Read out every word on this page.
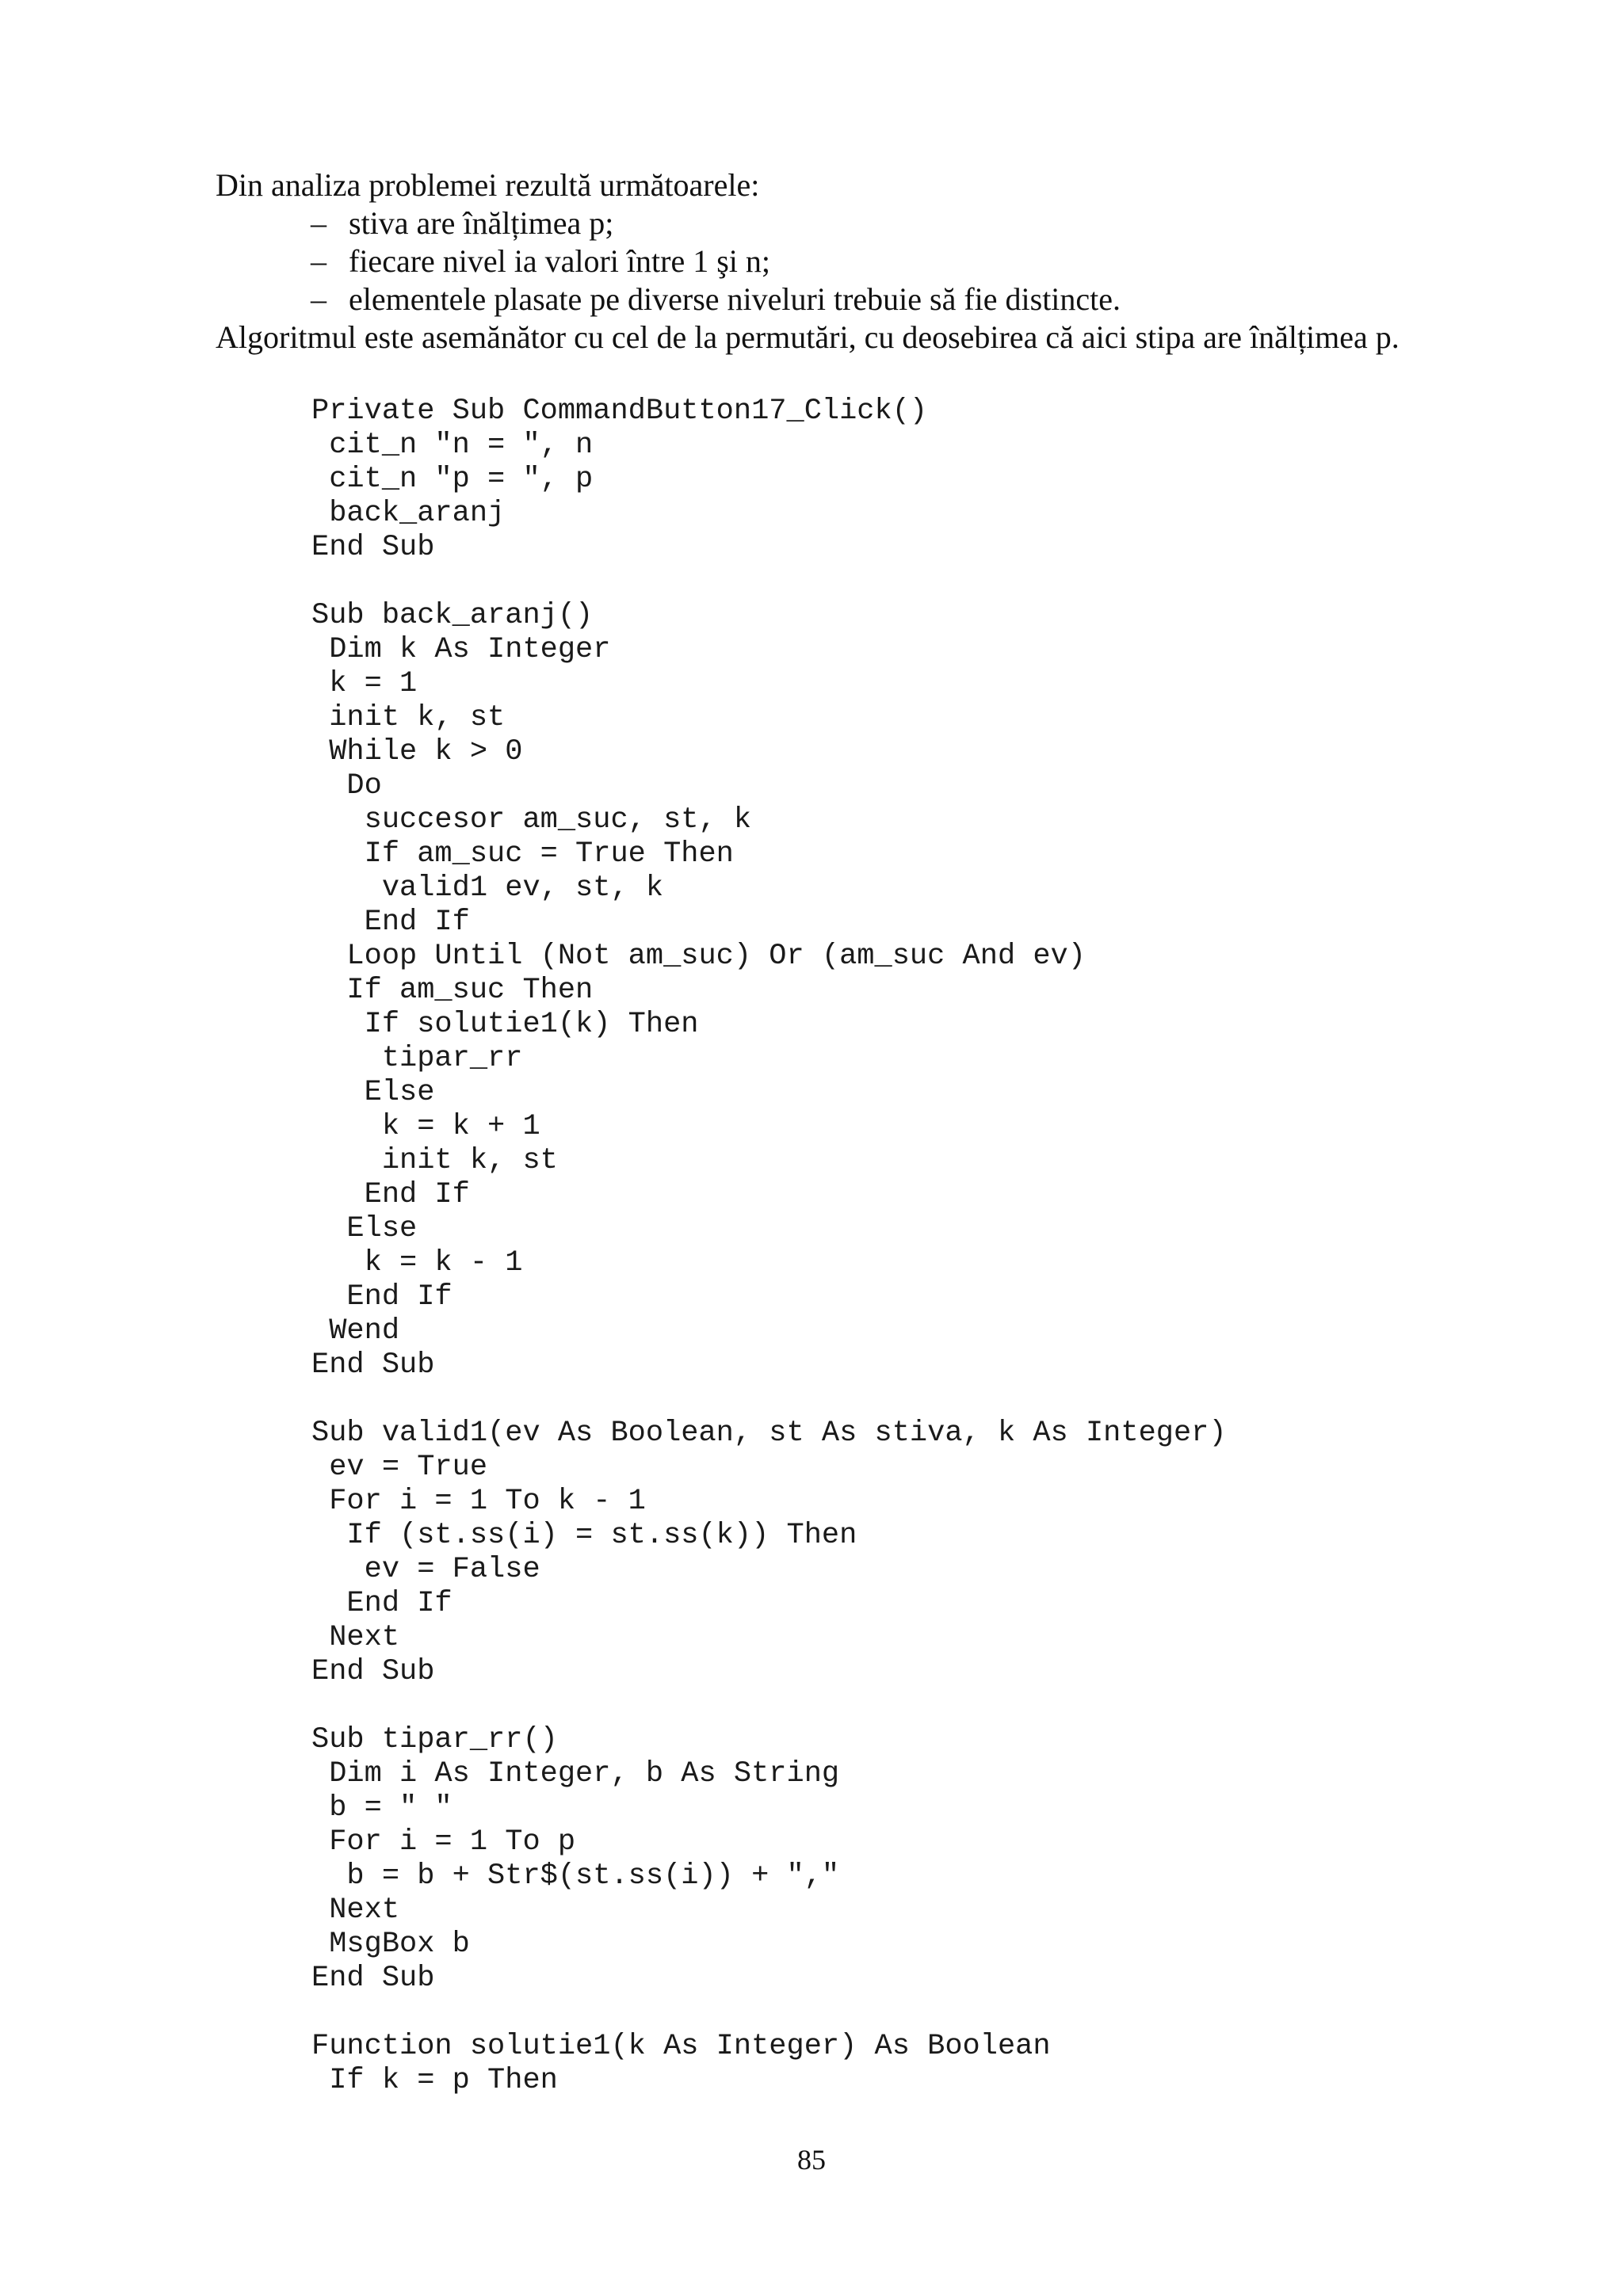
Din analiza problemei rezultă următoarele:

– stiva are înălțimea p;
– fiecare nivel ia valori între 1 şi n;
– elementele plasate pe diverse niveluri trebuie să fie distincte.

Algoritmul este asemănător cu cel de la permutări, cu deosebirea că aici stipa are înălțimea p.

Private Sub CommandButton17_Click()
cit_n "n = ", n
cit_n "p = ", p
back_aranj
End Sub
Sub back_aranj()
Dim k As Integer
k = 1
init k, st
While k > 0
Do
succesor am_suc, st, k
If am_suc = True Then
valid1 ev, st, k
End If
Loop Until (Not am_suc) Or (am_suc And ev)
If am_suc Then
If solutie1(k) Then
tipar_rr
Else
k = k + 1
init k, st
End If
Else
k = k - 1
End If
Wend
End Sub
Sub valid1(ev As Boolean, st As stiva, k As Integer)
ev = True
For i = 1 To k - 1
If (st.ss(i) = st.ss(k)) Then
ev = False
End If
Next
End Sub
Sub tipar_rr()
Dim i As Integer, b As String
b = " "
For i = 1 To p
b = b + Str$(st.ss(i)) + ","
Next
MsgBox b
End Sub
Function solutie1(k As Integer) As Boolean
If k = p Then
85
